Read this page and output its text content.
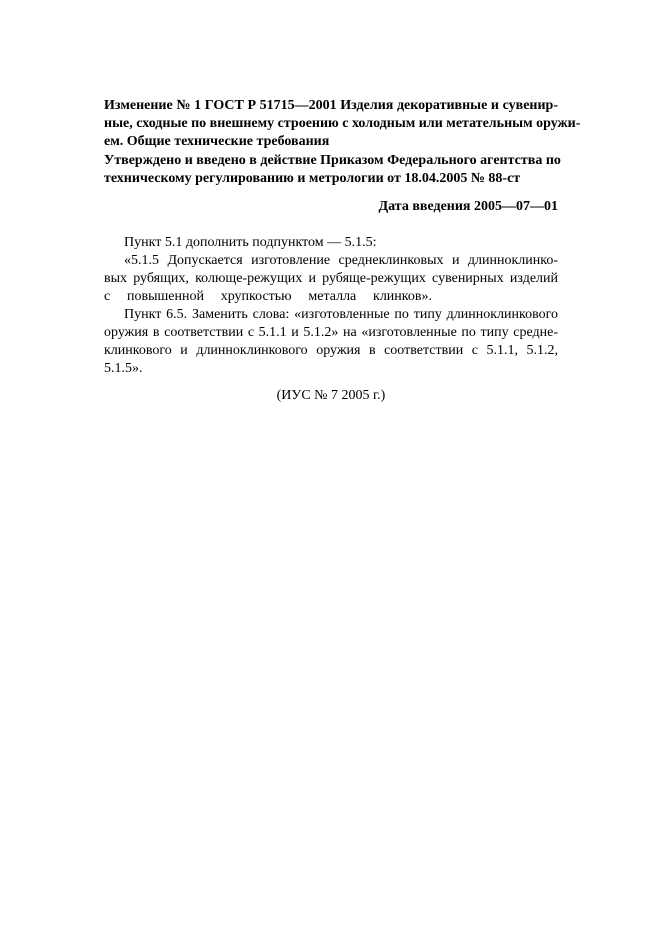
Изменение № 1 ГОСТ Р 51715—2001 Изделия декоративные и сувенир-
ные, сходные по внешнему строению с холодным или метательным оружи-
ем. Общие технические требования
Утверждено и введено в действие Приказом Федерального агентства по
техническому регулированию и метрологии от 18.04.2005 № 88-ст
Дата введения 2005—07—01
Пункт 5.1 дополнить подпунктом — 5.1.5:
«5.1.5 Допускается изготовление среднеклинковых и длинноклинко-
вых рубящих, колюще-режущих и рубяще-режущих сувенирных изделий
с повышенной хрупкостью металла клинков».
Пункт 6.5. Заменить слова: «изготовленные по типу длинноклинкового
оружия в соответствии с 5.1.1 и 5.1.2» на «изготовленные по типу средне-
клинкового и длинноклинкового оружия в соответствии с 5.1.1, 5.1.2,
5.1.5».
(ИУС № 7 2005 г.)
